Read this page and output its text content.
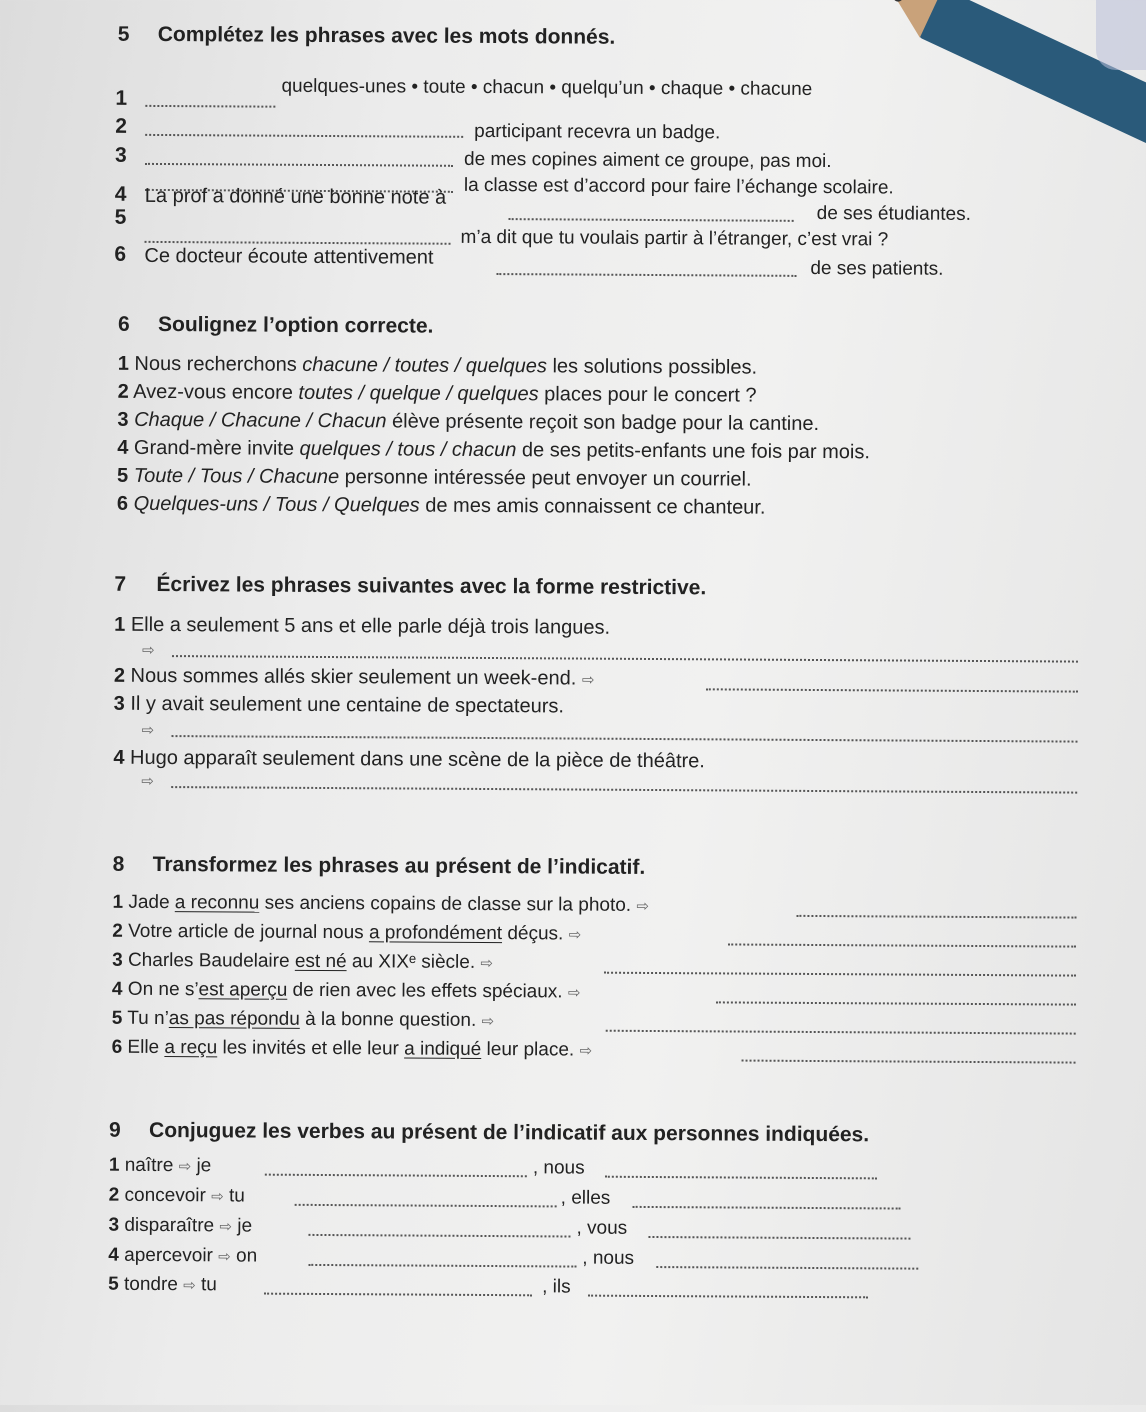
5 Complétez les phrases avec les mots donnés.
quelques-unes • toute • chacun • quelqu’un • chaque • chacune
1
2	participant recevra un badge.
3	de mes copines aiment ce groupe, pas moi.
la classe est d’accord pour faire l’échange scolaire.
4 La prof a donné une bonne note à
de ses étudiantes.
5
m’a dit que tu voulais partir à l’étranger, c’est vrai ?
6 Ce docteur écoute attentivement
de ses patients.
6 Soulignez l’option correcte.
1 Nous recherchons chacune / toutes / quelques les solutions possibles.
2 Avez-vous encore toutes / quelque / quelques places pour le concert ?
3 Chaque / Chacune / Chacun élève présente reçoit son badge pour la cantine.
4 Grand-mère invite quelques / tous / chacun de ses petits-enfants une fois par mois.
5 Toute / Tous / Chacune personne intéressée peut envoyer un courriel.
6 Quelques-uns / Tous / Quelques de mes amis connaissent ce chanteur.
7 Écrivez les phrases suivantes avec la forme restrictive.
1 Elle a seulement 5 ans et elle parle déjà trois langues.
⇨
2 Nous sommes allés skier seulement un week-end. ⇨
3 Il y avait seulement une centaine de spectateurs.
⇨
4 Hugo apparaît seulement dans une scène de la pièce de théâtre.
⇨
8 Transformez les phrases au présent de l’indicatif.
1 Jade a reconnu ses anciens copains de classe sur la photo. ⇨
2 Votre article de journal nous a profondément déçus. ⇨
3 Charles Baudelaire est né au XIXᵉ siècle. ⇨
4 On ne s’est aperçu de rien avec les effets spéciaux. ⇨
5 Tu n’as pas répondu à la bonne question. ⇨
6 Elle a reçu les invités et elle leur a indiqué leur place. ⇨
9 Conjuguez les verbes au présent de l’indicatif aux personnes indiquées.
1 naître ⇨ je	, nous
2 concevoir ⇨ tu	, elles
3 disparaître ⇨ je	, vous
4 apercevoir ⇨ on	, nous
5 tondre ⇨ tu	, ils
